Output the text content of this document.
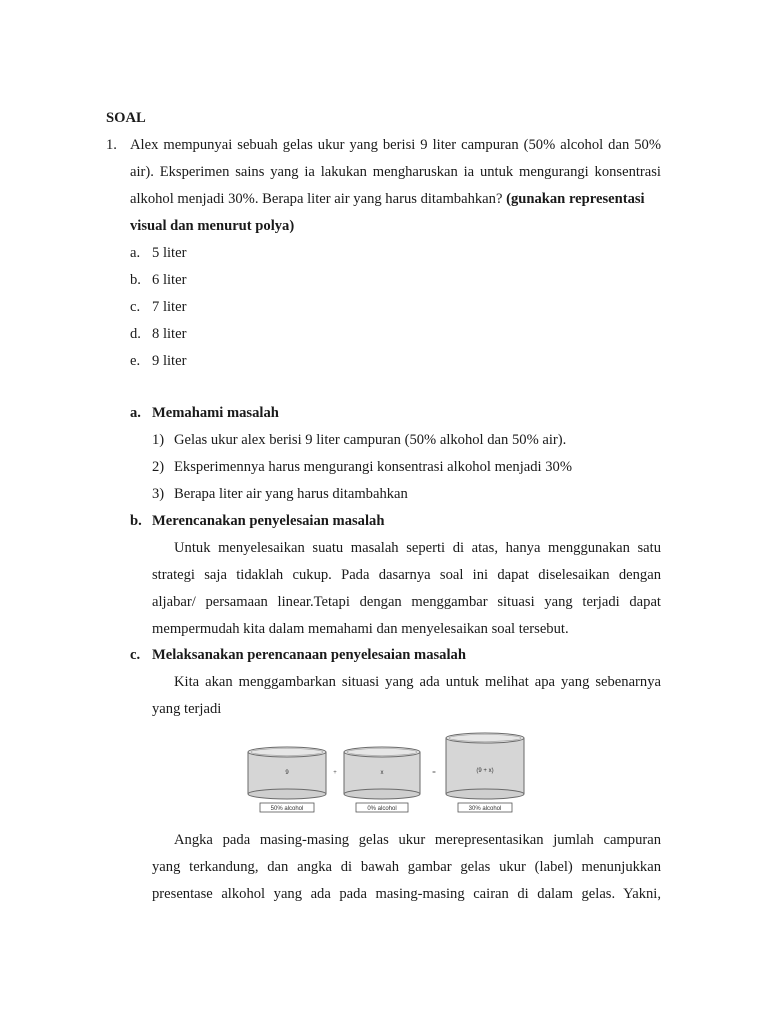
SOAL
1. Alex mempunyai sebuah gelas ukur yang berisi 9 liter campuran (50% alcohol dan 50%
air). Eksperimen sains yang ia lakukan mengharuskan ia untuk mengurangi konsentrasi
alkohol menjadi 30%. Berapa liter air yang harus ditambahkan? (gunakan representasi
visual dan menurut polya)
a. 5 liter
b. 6 liter
c. 7 liter
d. 8 liter
e. 9 liter
a. Memahami masalah
1) Gelas ukur alex berisi 9 liter campuran (50% alkohol dan 50% air).
2) Eksperimennya harus mengurangi konsentrasi alkohol menjadi 30%
3) Berapa liter air yang harus ditambahkan
b. Merencanakan penyelesaian masalah
Untuk menyelesaikan suatu masalah seperti di atas, hanya menggunakan satu
strategi saja tidaklah cukup. Pada dasarnya soal ini dapat diselesaikan dengan
aljabar/ persamaan linear.Tetapi dengan menggambar situasi yang terjadi dapat
mempermudah kita dalam memahami dan menyelesaikan soal tersebut.
c. Melaksanakan perencanaan penyelesaian masalah
Kita akan menggambarkan situasi yang ada untuk melihat apa yang sebenarnya
yang terjadi
9	+	x	=	(9 + x)
50% alcohol	0% alcohol	30% alcohol
Angka pada masing-masing gelas ukur merepresentasikan jumlah campuran
yang terkandung, dan angka di bawah gambar gelas ukur (label) menunjukkan
presentase alkohol yang ada pada masing-masing cairan di dalam gelas. Yakni,
